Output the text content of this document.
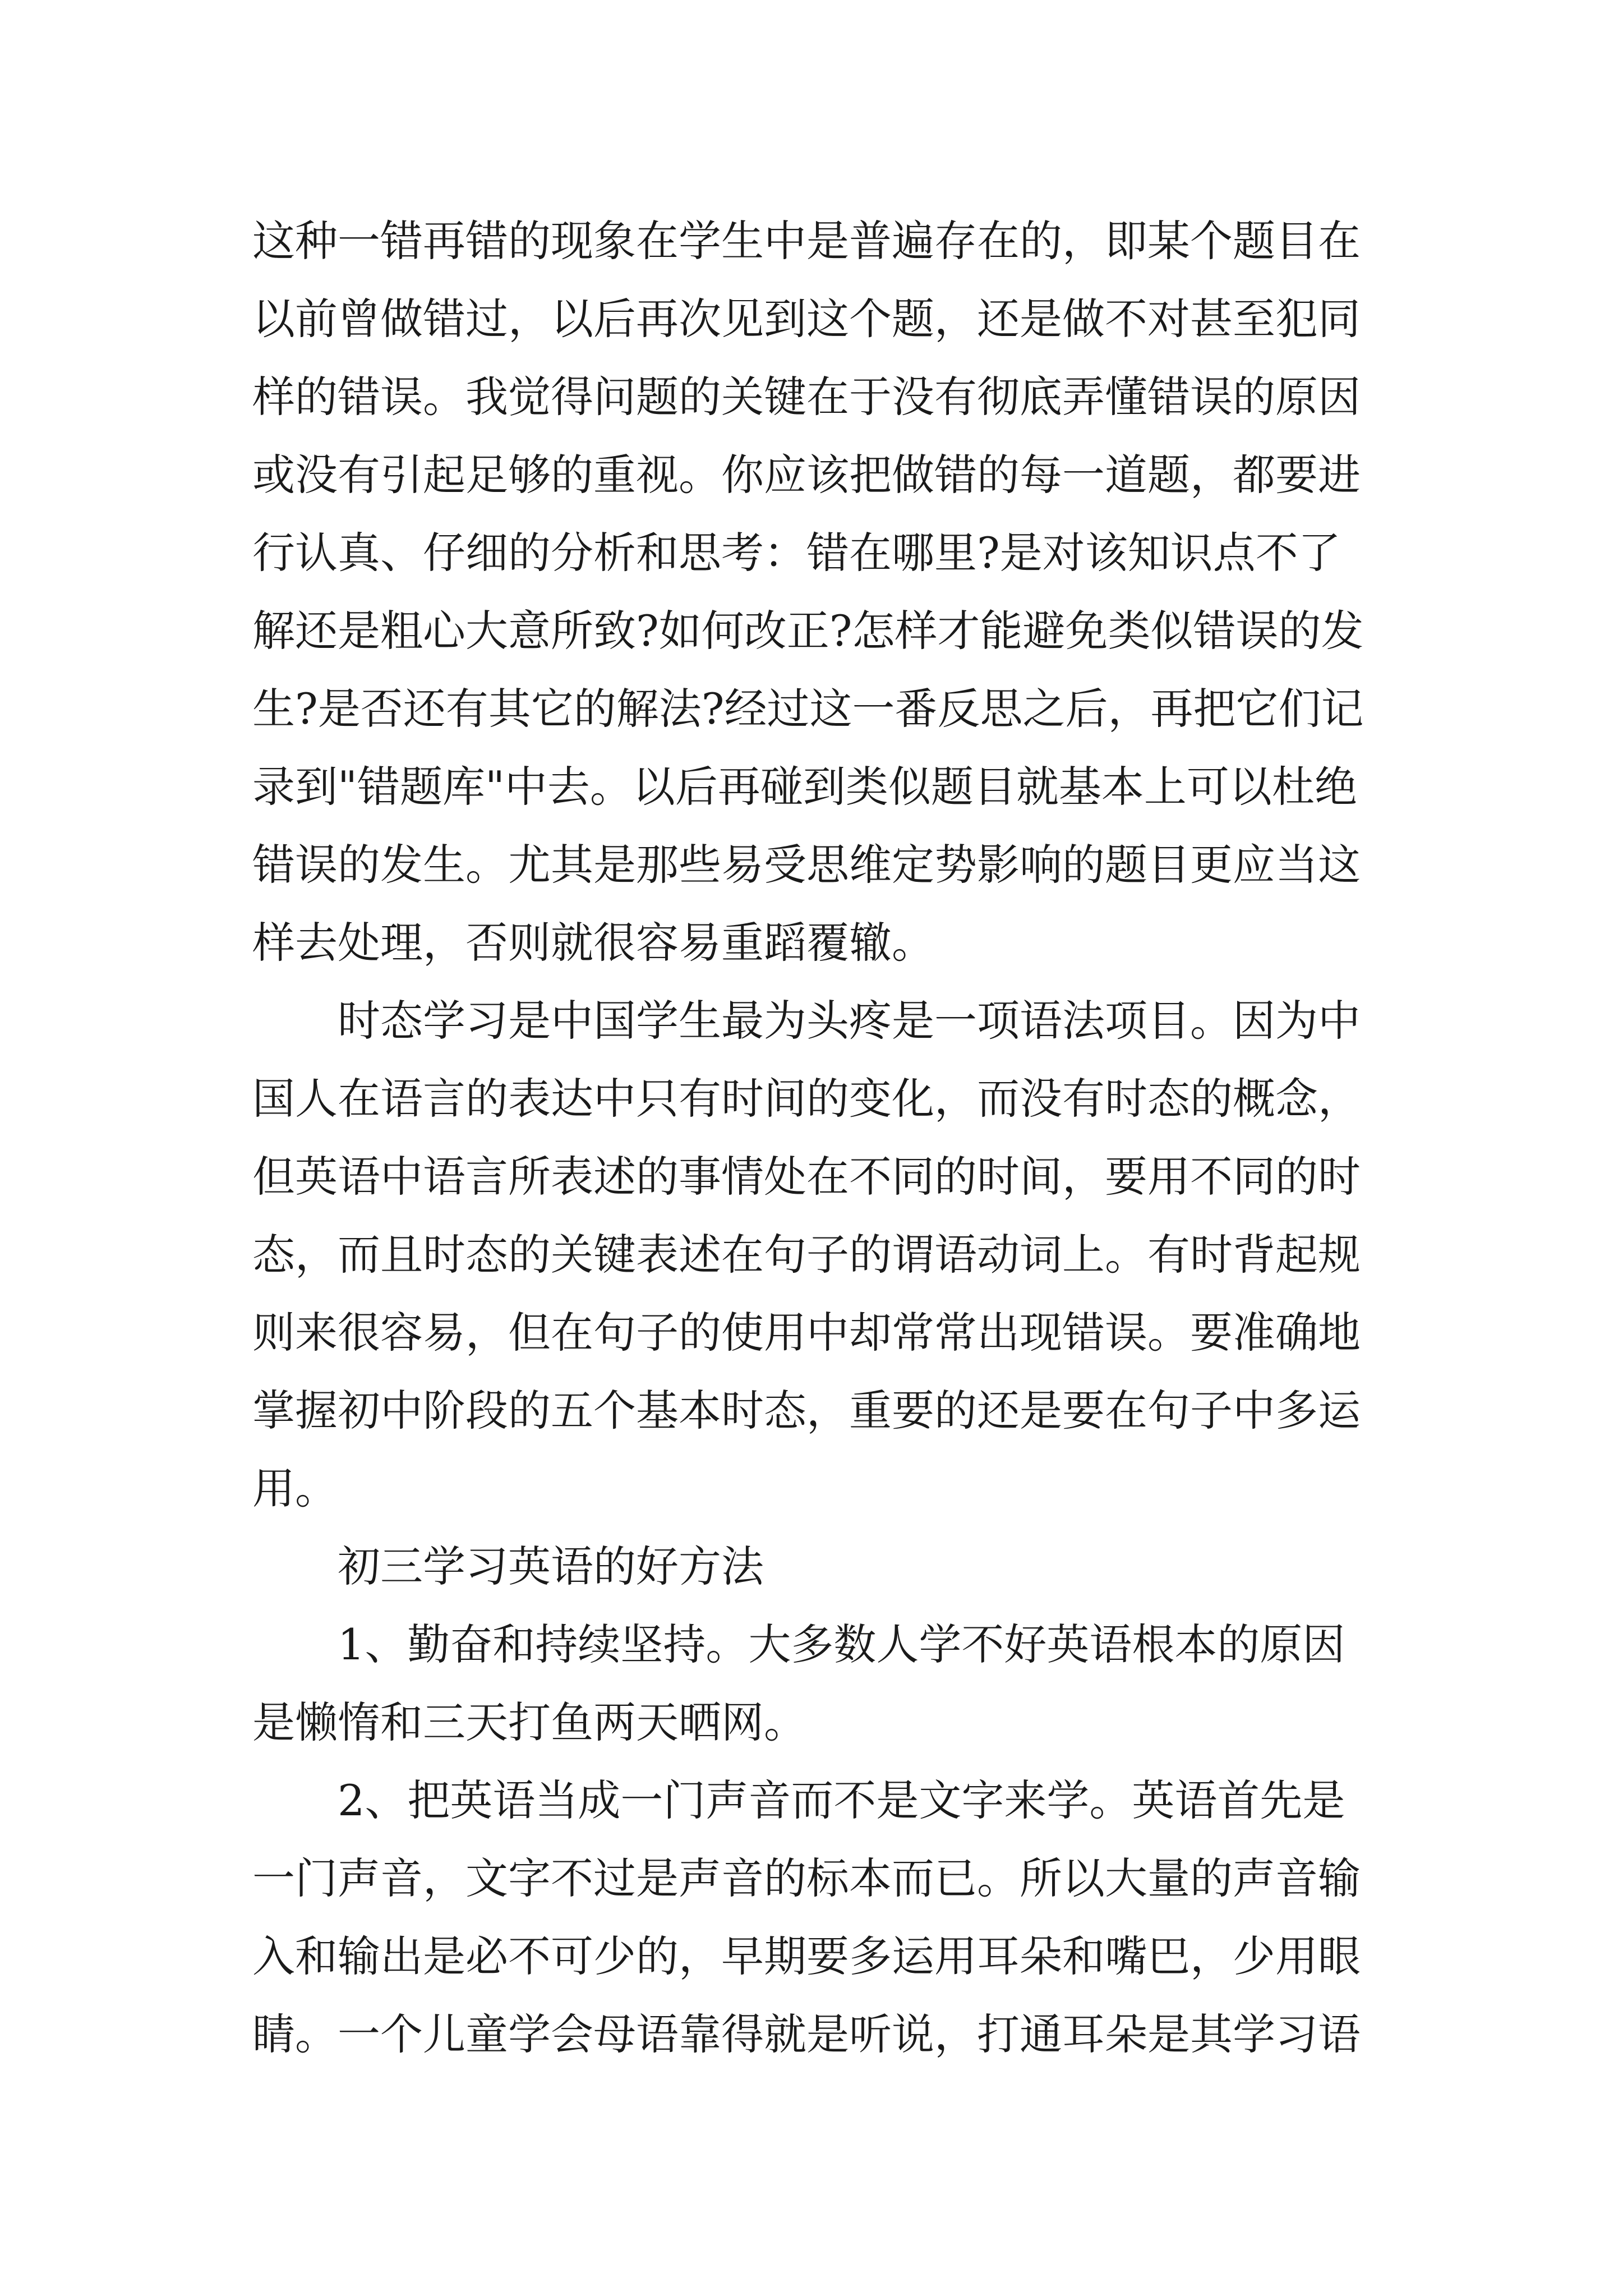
这种一错再错的现象在学生中是普遍存在的，即某个题目在
以前曾做错过，以后再次见到这个题，还是做不对甚至犯同
样的错误。我觉得问题的关键在于没有彻底弄懂错误的原因
或没有引起足够的重视。你应该把做错的每一道题，都要进
行认真、仔细的分析和思考：错在哪里?是对该知识点不了
解还是粗心大意所致?如何改正?怎样才能避免类似错误的发
生?是否还有其它的解法?经过这一番反思之后，再把它们记
录到"错题库"中去。以后再碰到类似题目就基本上可以杜绝
错误的发生。尤其是那些易受思维定势影响的题目更应当这
样去处理，否则就很容易重蹈覆辙。
时态学习是中国学生最为头疼是一项语法项目。因为中
国人在语言的表达中只有时间的变化，而没有时态的概念，
但英语中语言所表述的事情处在不同的时间，要用不同的时
态，而且时态的关键表述在句子的谓语动词上。有时背起规
则来很容易，但在句子的使用中却常常出现错误。要准确地
掌握初中阶段的五个基本时态，重要的还是要在句子中多运
用。
初三学习英语的好方法
1、勤奋和持续坚持。大多数人学不好英语根本的原因
是懒惰和三天打鱼两天晒网。
2、把英语当成一门声音而不是文字来学。英语首先是
一门声音，文字不过是声音的标本而已。所以大量的声音输
入和输出是必不可少的，早期要多运用耳朵和嘴巴，少用眼
睛。一个儿童学会母语靠得就是听说，打通耳朵是其学习语
